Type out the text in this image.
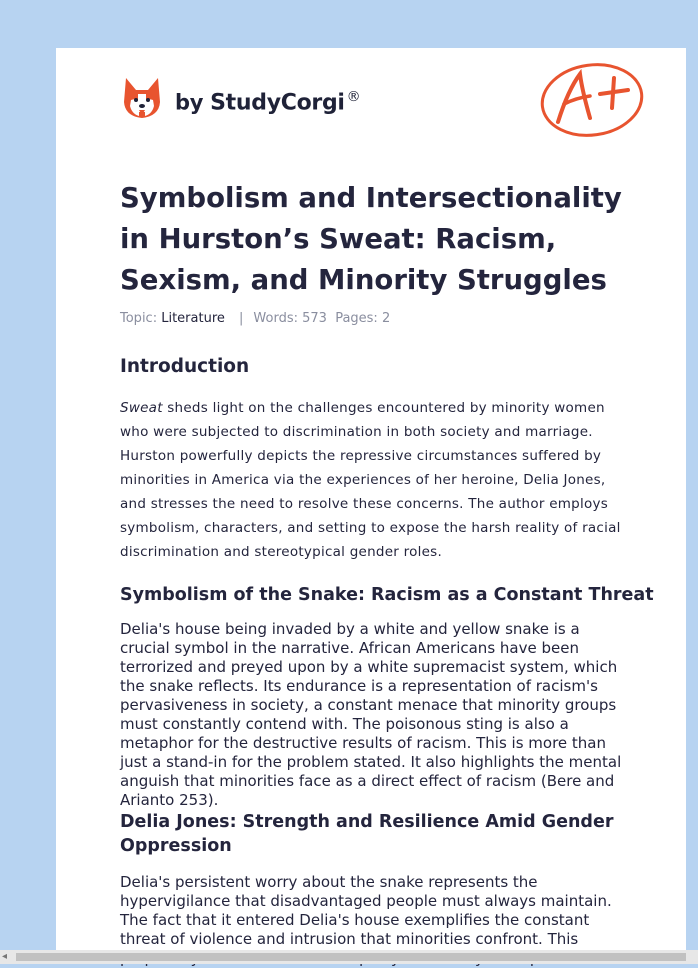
by StudyCorgi ®
Symbolism and Intersectionality in Hurston’s Sweat: Racism, Sexism, and Minority Struggles
Topic: Literature | Words: 573 Pages: 2
Introduction

Sweat sheds light on the challenges encountered by minority women who were subjected to discrimination in both society and marriage. Hurston powerfully depicts the repressive circumstances suffered by minorities in America via the experiences of her heroine, Delia Jones, and stresses the need to resolve these concerns. The author employs symbolism, characters, and setting to expose the harsh reality of racial discrimination and stereotypical gender roles.

Symbolism of the Snake: Racism as a Constant Threat

Delia's house being invaded by a white and yellow snake is a crucial symbol in the narrative. African Americans have been terrorized and preyed upon by a white supremacist system, which the snake reflects. Its endurance is a representation of racism's pervasiveness in society, a constant menace that minority groups must constantly contend with. The poisonous sting is also a metaphor for the destructive results of racism. This is more than just a stand-in for the problem stated. It also highlights the mental anguish that minorities face as a direct effect of racism (Bere and Arianto 253).

Delia Jones: Strength and Resilience Amid Gender Oppression

Delia's persistent worry about the snake represents the hypervigilance that disadvantaged people must always maintain. The fact that it entered Delia's house exemplifies the constant threat of violence and intrusion that minorities confront. This

◂
